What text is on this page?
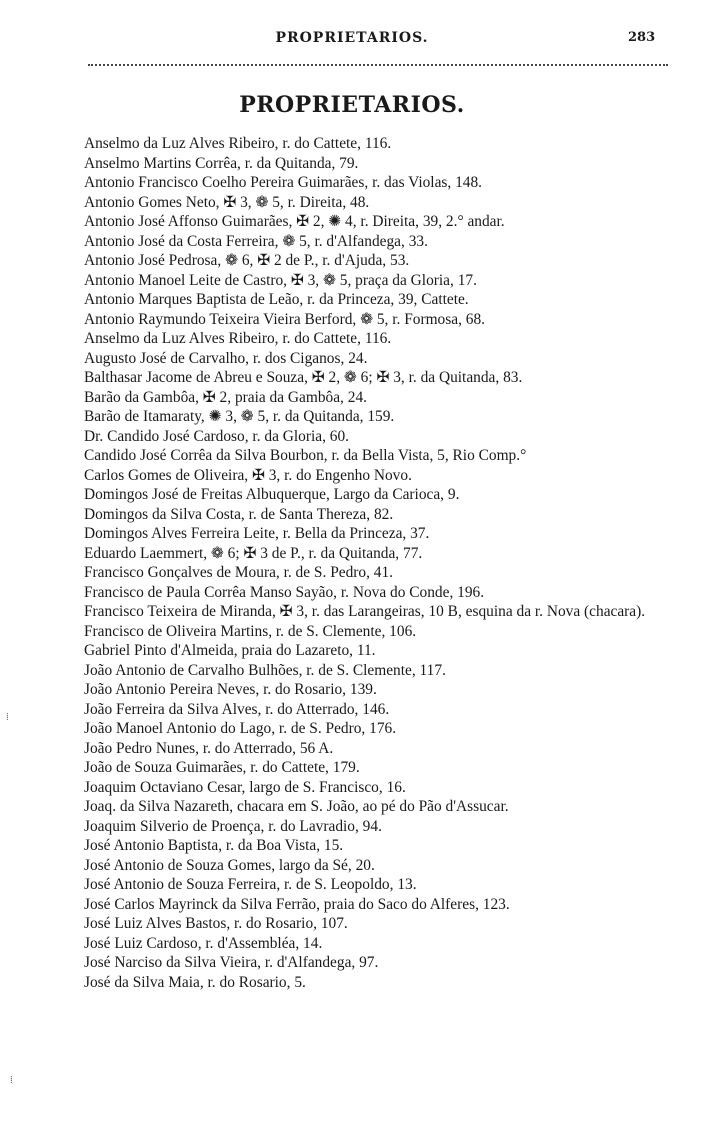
PROPRIETARIOS.	283
PROPRIETARIOS.
Anselmo da Luz Alves Ribeiro, r. do Cattete, 116.
Anselmo Martins Corrêa, r. da Quitanda, 79.
Antonio Francisco Coelho Pereira Guimarães, r. das Violas, 148.
Antonio Gomes Neto, ✠ 3, ❁ 5, r. Direita, 48.
Antonio José Affonso Guimarães, ✠ 2, ✺ 4, r. Direita, 39, 2.° andar.
Antonio José da Costa Ferreira, ❁ 5, r. d'Alfandega, 33.
Antonio José Pedrosa, ❁ 6, ✠ 2 de P., r. d'Ajuda, 53.
Antonio Manoel Leite de Castro, ✠ 3, ❁ 5, praça da Gloria, 17.
Antonio Marques Baptista de Leão, r. da Princeza, 39, Cattete.
Antonio Raymundo Teixeira Vieira Berford, ❁ 5, r. Formosa, 68.
Anselmo da Luz Alves Ribeiro, r. do Cattete, 116.
Augusto José de Carvalho, r. dos Ciganos, 24.
Balthasar Jacome de Abreu e Souza, ✠ 2, ❁ 6; ✠ 3, r. da Quitanda, 83.
Barão da Gambôa, ✠ 2, praia da Gambôa, 24.
Barão de Itamaraty, ✺ 3, ❁ 5, r. da Quitanda, 159.
Dr. Candido José Cardoso, r. da Gloria, 60.
Candido José Corrêa da Silva Bourbon, r. da Bella Vista, 5, Rio Comp.°
Carlos Gomes de Oliveira, ✠ 3, r. do Engenho Novo.
Domingos José de Freitas Albuquerque, Largo da Carioca, 9.
Domingos da Silva Costa, r. de Santa Thereza, 82.
Domingos Alves Ferreira Leite, r. Bella da Princeza, 37.
Eduardo Laemmert, ❁ 6; ✠ 3 de P., r. da Quitanda, 77.
Francisco Gonçalves de Moura, r. de S. Pedro, 41.
Francisco de Paula Corrêa Manso Sayão, r. Nova do Conde, 196.
Francisco Teixeira de Miranda, ✠ 3, r. das Larangeiras, 10 B, esquina da r. Nova (chacara).
Francisco de Oliveira Martins, r. de S. Clemente, 106.
Gabriel Pinto d'Almeida, praia do Lazareto, 11.
João Antonio de Carvalho Bulhões, r. de S. Clemente, 117.
João Antonio Pereira Neves, r. do Rosario, 139.
João Ferreira da Silva Alves, r. do Atterrado, 146.
João Manoel Antonio do Lago, r. de S. Pedro, 176.
João Pedro Nunes, r. do Atterrado, 56 A.
João de Souza Guimarães, r. do Cattete, 179.
Joaquim Octaviano Cesar, largo de S. Francisco, 16.
Joaq. da Silva Nazareth, chacara em S. João, ao pé do Pão d'Assucar.
Joaquim Silverio de Proença, r. do Lavradio, 94.
José Antonio Baptista, r. da Boa Vista, 15.
José Antonio de Souza Gomes, largo da Sé, 20.
José Antonio de Souza Ferreira, r. de S. Leopoldo, 13.
José Carlos Mayrinck da Silva Ferrão, praia do Saco do Alferes, 123.
José Luiz Alves Bastos, r. do Rosario, 107.
José Luiz Cardoso, r. d'Assembléa, 14.
José Narciso da Silva Vieira, r. d'Alfandega, 97.
José da Silva Maia, r. do Rosario, 5.
⁞
⁞
